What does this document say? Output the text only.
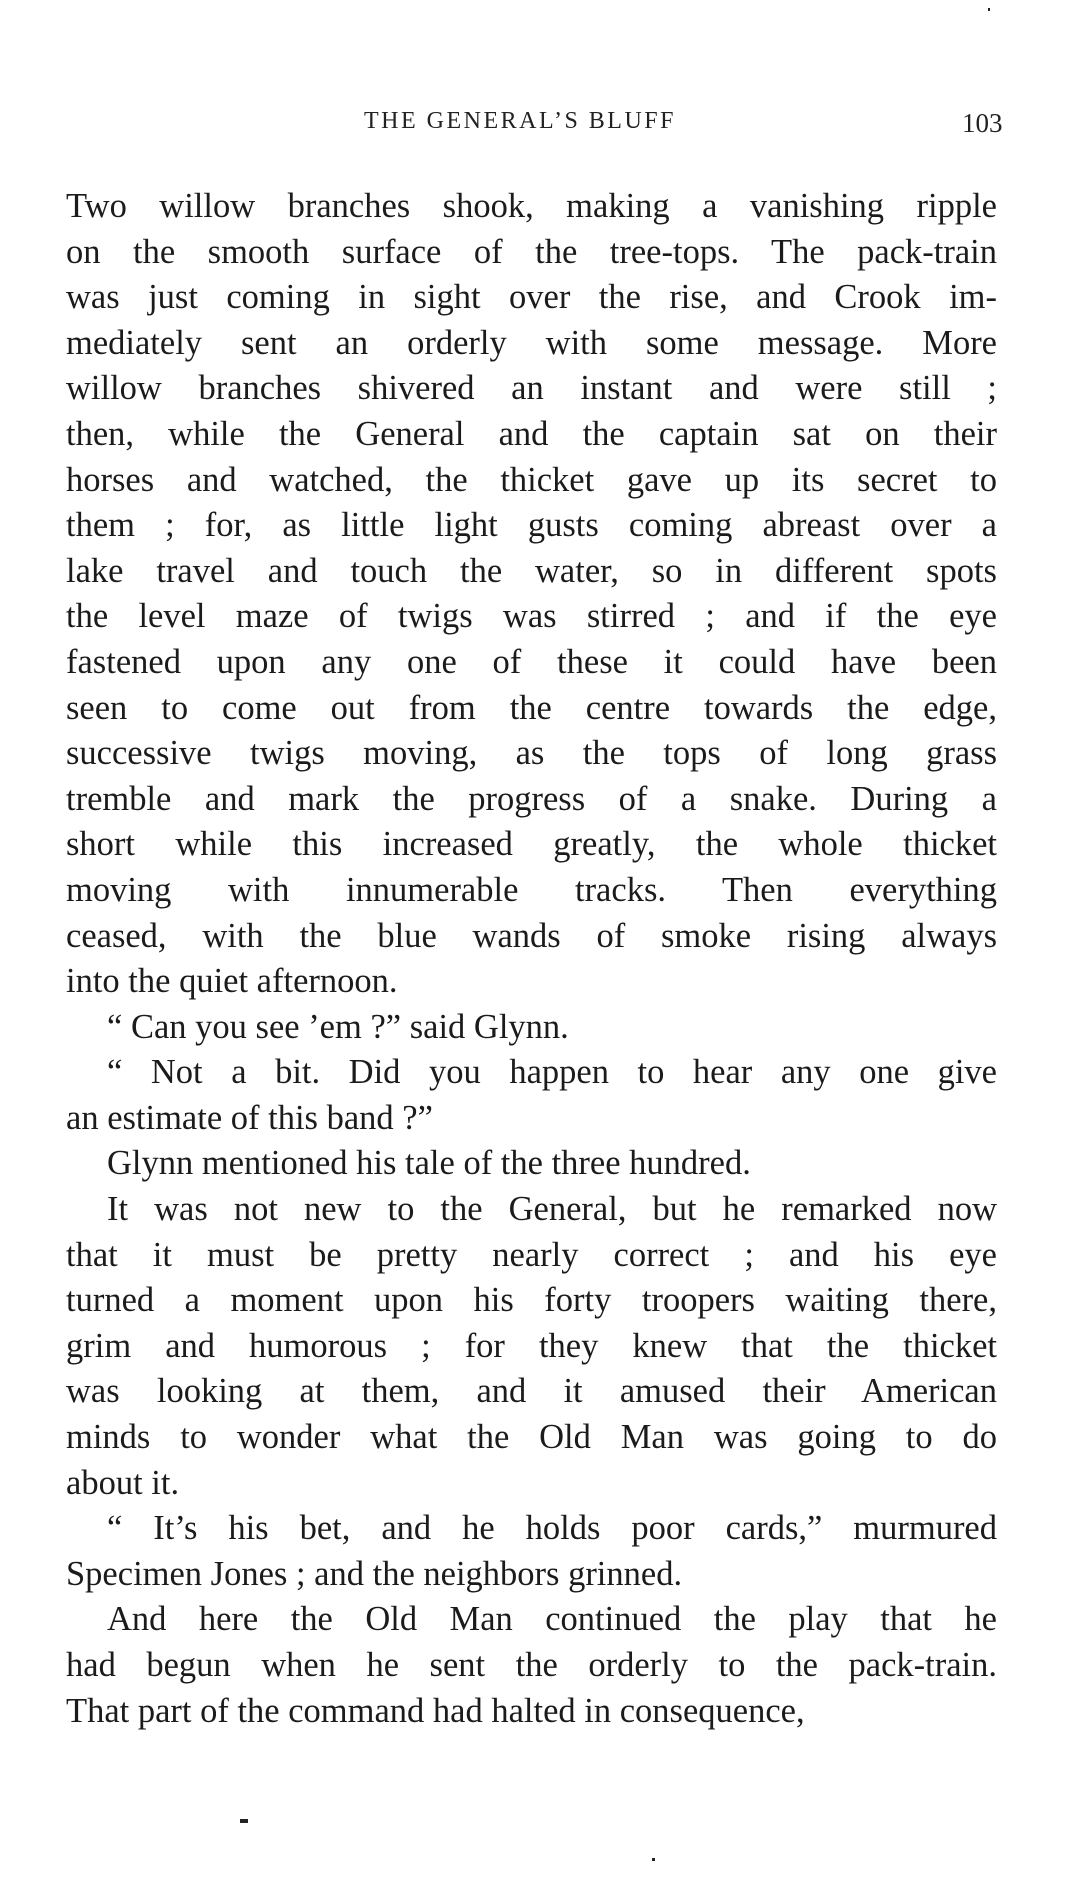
THE GENERAL’S BLUFF	103

Two willow branches shook, making a vanishing ripple
on the smooth surface of the tree-tops. The pack-train
was just coming in sight over the rise, and Crook im-
mediately sent an orderly with some message. More
willow branches shivered an instant and were still ;
then, while the General and the captain sat on their
horses and watched, the thicket gave up its secret to
them ; for, as little light gusts coming abreast over a
lake travel and touch the water, so in different spots
the level maze of twigs was stirred ; and if the eye
fastened upon any one of these it could have been
seen to come out from the centre towards the edge,
successive twigs moving, as the tops of long grass
tremble and mark the progress of a snake. During a
short while this increased greatly, the whole thicket
moving with innumerable tracks. Then everything
ceased, with the blue wands of smoke rising always
into the quiet afternoon.

“ Can you see ’em ?” said Glynn.

“ Not a bit. Did you happen to hear any one give
an estimate of this band ?”

Glynn mentioned his tale of the three hundred.

It was not new to the General, but he remarked now
that it must be pretty nearly correct ; and his eye
turned a moment upon his forty troopers waiting there,
grim and humorous ; for they knew that the thicket
was looking at them, and it amused their American
minds to wonder what the Old Man was going to do
about it.

“ It’s his bet, and he holds poor cards,” murmured
Specimen Jones ; and the neighbors grinned.

And here the Old Man continued the play that he
had begun when he sent the orderly to the pack-train.
That part of the command had halted in consequence,
